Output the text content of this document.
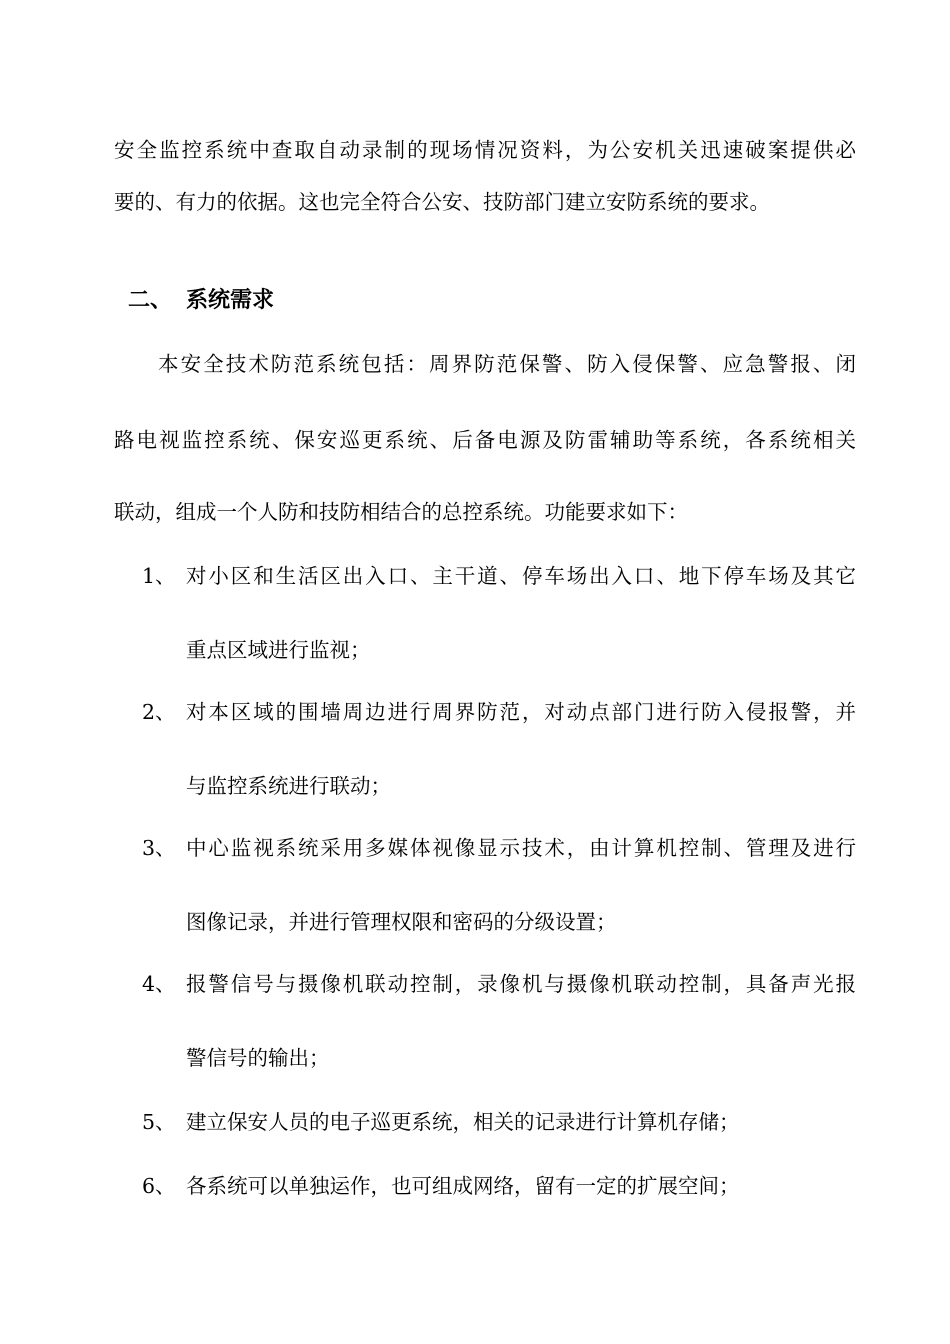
安全监控系统中查取自动录制的现场情况资料，为公安机关迅速破案提供必
要的、有力的依据。这也完全符合公安、技防部门建立安防系统的要求。
二、 系统需求
本安全技术防范系统包括：周界防范保警、防入侵保警、应急警报、闭
路电视监控系统、保安巡更系统、后备电源及防雷辅助等系统，各系统相关
联动，组成一个人防和技防相结合的总控系统。功能要求如下：
1、 对小区和生活区出入口、主干道、停车场出入口、地下停车场及其它
重点区域进行监视；
2、 对本区域的围墙周边进行周界防范，对动点部门进行防入侵报警，并
与监控系统进行联动；
3、 中心监视系统采用多媒体视像显示技术，由计算机控制、管理及进行
图像记录，并进行管理权限和密码的分级设置；
4、 报警信号与摄像机联动控制，录像机与摄像机联动控制，具备声光报
警信号的输出；
5、 建立保安人员的电子巡更系统，相关的记录进行计算机存储；
6、 各系统可以单独运作，也可组成网络，留有一定的扩展空间；
